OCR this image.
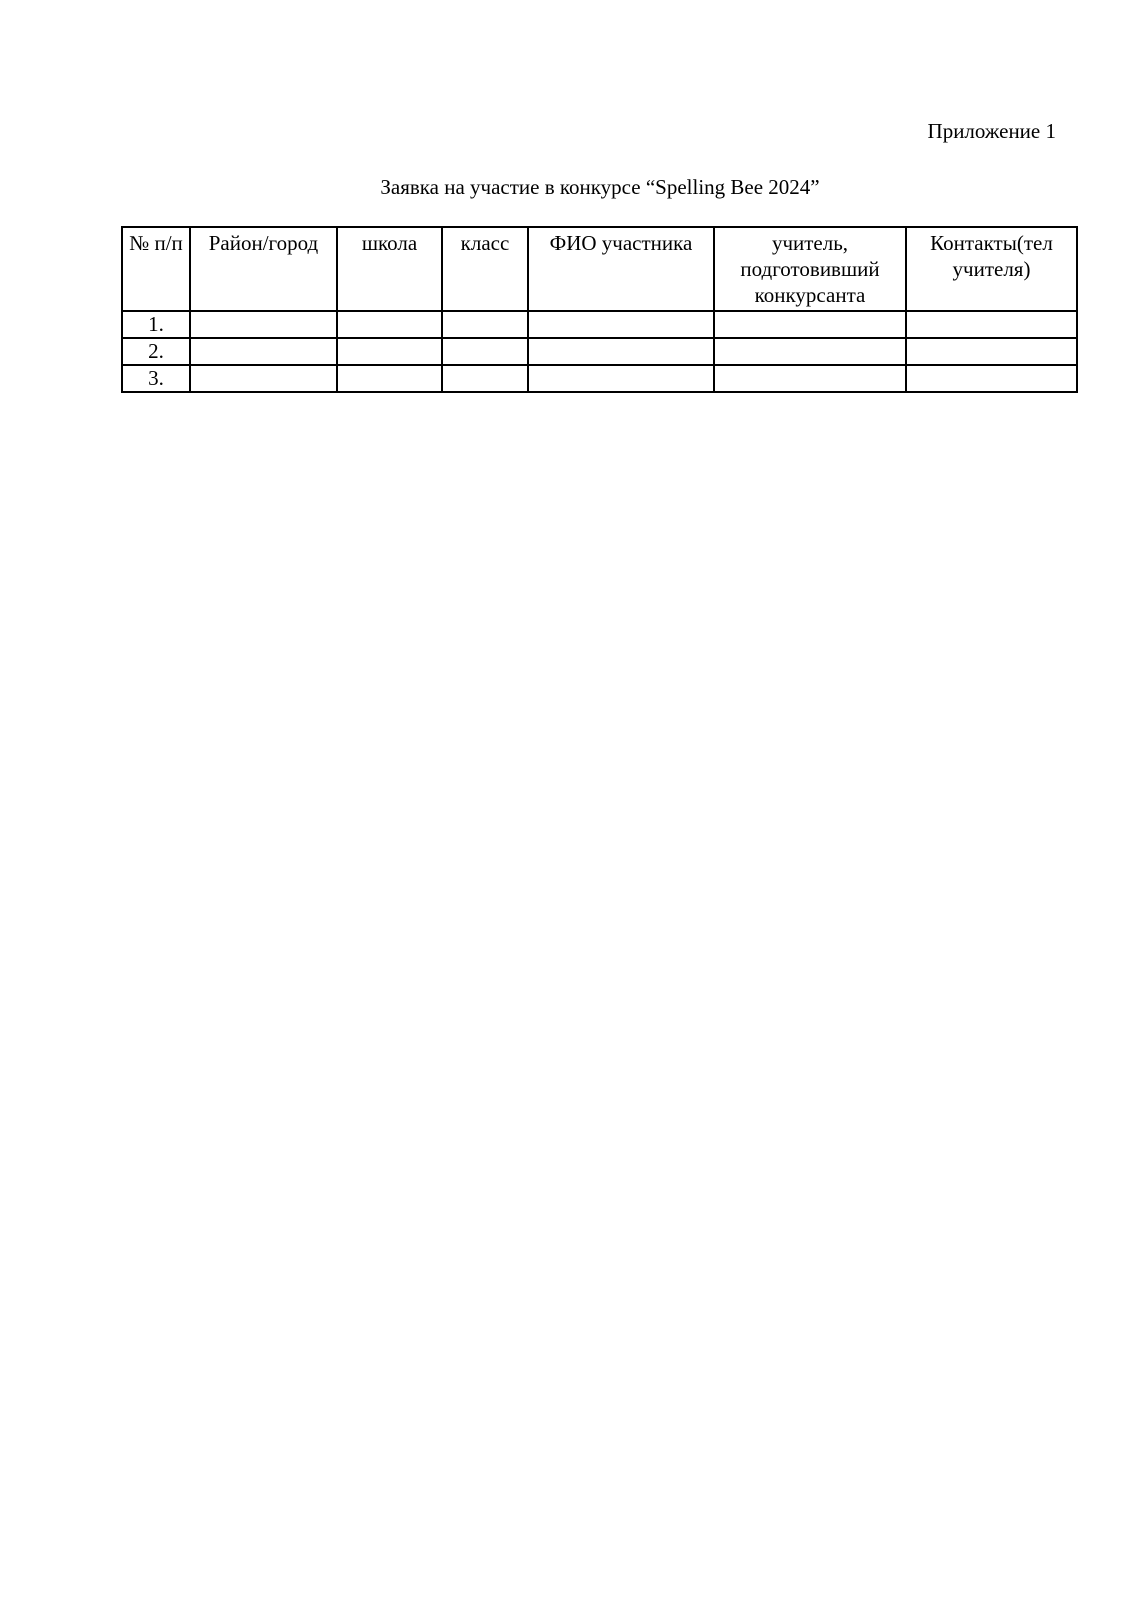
Приложение 1
Заявка на участие в конкурсе “Spelling Bee 2024”
№ п/п	Район/город	школа	класс	ФИО участника	учитель, подготовивший конкурсанта	Контакты(тел учителя)
1.						
2.						
3.						
